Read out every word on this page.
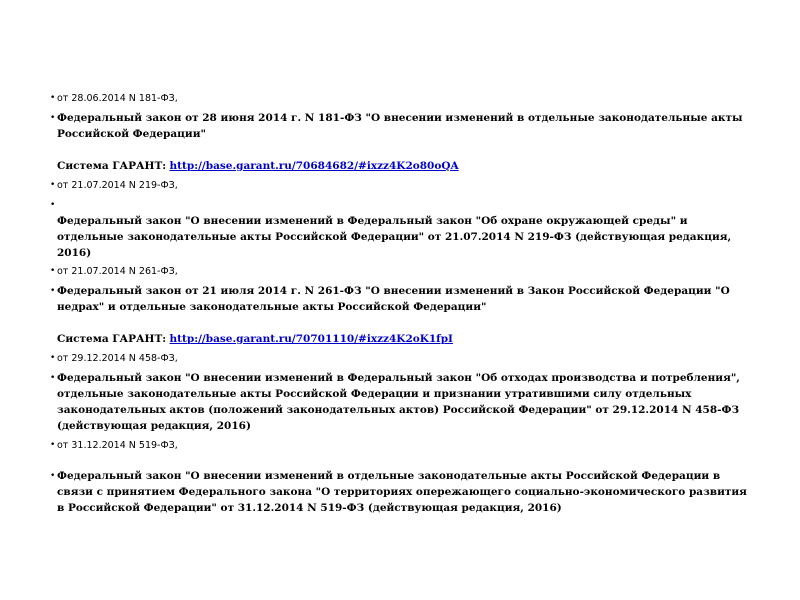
• от 28.06.2014 N 181-ФЗ,
• Федеральный закон от 28 июня 2014 г. N 181-ФЗ "О внесении изменений в отдельные законодательные акты Российской Федерации"
Система ГАРАНТ: http://base.garant.ru/70684682/#ixzz4K2o80oQA
• от 21.07.2014 N 219-ФЗ,
•
Федеральный закон "О внесении изменений в Федеральный закон "Об охране окружающей среды" и отдельные законодательные акты Российской Федерации" от 21.07.2014 N 219-ФЗ (действующая редакция, 2016)
• от 21.07.2014 N 261-ФЗ,
• Федеральный закон от 21 июля 2014 г. N 261-ФЗ "О внесении изменений в Закон Российской Федерации "О недрах" и отдельные законодательные акты Российской Федерации"
Система ГАРАНТ: http://base.garant.ru/70701110/#ixzz4K2oK1fpI
• от 29.12.2014 N 458-ФЗ,
• Федеральный закон "О внесении изменений в Федеральный закон "Об отходах производства и потребления", отдельные законодательные акты Российской Федерации и признании утратившими силу отдельных законодательных актов (положений законодательных актов) Российской Федерации" от 29.12.2014 N 458-ФЗ (действующая редакция, 2016)
• от 31.12.2014 N 519-ФЗ,
• Федеральный закон "О внесении изменений в отдельные законодательные акты Российской Федерации в связи с принятием Федерального закона "О территориях опережающего социально-экономического развития в Российской Федерации" от 31.12.2014 N 519-ФЗ (действующая редакция, 2016)
